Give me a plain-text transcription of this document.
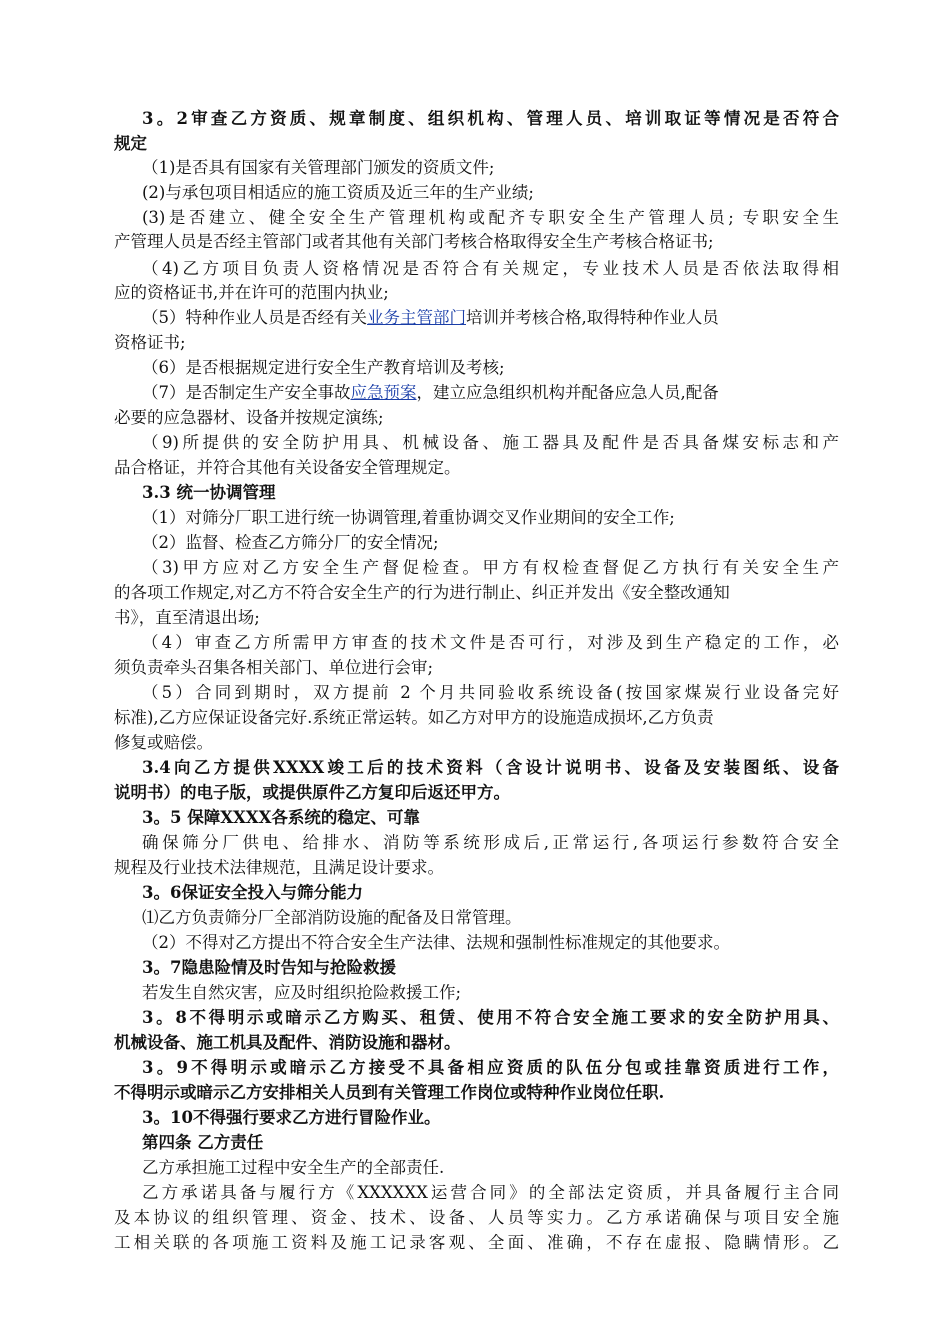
3。2审查乙方资质、规章制度、组织机构、管理人员、培训取证等情况是否符合
规定
（1)是否具有国家有关管理部门颁发的资质文件;
(2)与承包项目相适应的施工资质及近三年的生产业绩;
(3)是否建立、健全安全生产管理机构或配齐专职安全生产管理人员; 专职安全生
产管理人员是否经主管部门或者其他有关部门考核合格取得安全生产考核合格证书;
（4)乙方项目负责人资格情况是否符合有关规定，专业技术人员是否依法取得相
应的资格证书,并在许可的范围内执业;
（5）特种作业人员是否经有关业务主管部门培训并考核合格,取得特种作业人员
资格证书;
（6）是否根据规定进行安全生产教育培训及考核;
（7）是否制定生产安全事故应急预案，建立应急组织机构并配备应急人员,配备
必要的应急器材、设备并按规定演练;
（9)所提供的安全防护用具、机械设备、施工器具及配件是否具备煤安标志和产
品合格证，并符合其他有关设备安全管理规定。
3.3 统一协调管理
（1）对筛分厂职工进行统一协调管理,着重协调交叉作业期间的安全工作;
（2）监督、检查乙方筛分厂的安全情况;
（3)甲方应对乙方安全生产督促检查。甲方有权检查督促乙方执行有关安全生产
的各项工作规定,对乙方不符合安全生产的行为进行制止、纠正并发出《安全整改通知
书》，直至清退出场;
（4）审查乙方所需甲方审查的技术文件是否可行，对涉及到生产稳定的工作，必
须负责牵头召集各相关部门、单位进行会审;
（5）合同到期时，双方提前 2 个月共同验收系统设备(按国家煤炭行业设备完好
标准),乙方应保证设备完好.系统正常运转。如乙方对甲方的设施造成损坏,乙方负责
修复或赔偿。
3.4向乙方提供XXXX竣工后的技术资料（含设计说明书、设备及安装图纸、设备
说明书）的电子版，或提供原件乙方复印后返还甲方。
3。5 保障XXXX各系统的稳定、可靠
确保筛分厂供电、给排水、消防等系统形成后,正常运行,各项运行参数符合安全
规程及行业技术法律规范，且满足设计要求。
3。6保证安全投入与筛分能力
⑴乙方负责筛分厂全部消防设施的配备及日常管理。
（2）不得对乙方提出不符合安全生产法律、法规和强制性标准规定的其他要求。
3。7隐患险情及时告知与抢险救援
若发生自然灾害，应及时组织抢险救援工作;
3。8不得明示或暗示乙方购买、租赁、使用不符合安全施工要求的安全防护用具、
机械设备、施工机具及配件、消防设施和器材。
3。9不得明示或暗示乙方接受不具备相应资质的队伍分包或挂靠资质进行工作，
不得明示或暗示乙方安排相关人员到有关管理工作岗位或特种作业岗位任职.
3。10不得强行要求乙方进行冒险作业。
第四条 乙方责任
乙方承担施工过程中安全生产的全部责任.
乙方承诺具备与履行方《XXXXXX运营合同》的全部法定资质，并具备履行主合同
及本协议的组织管理、资金、技术、设备、人员等实力。乙方承诺确保与项目安全施
工相关联的各项施工资料及施工记录客观、全面、准确，不存在虚报、隐瞒情形。乙
